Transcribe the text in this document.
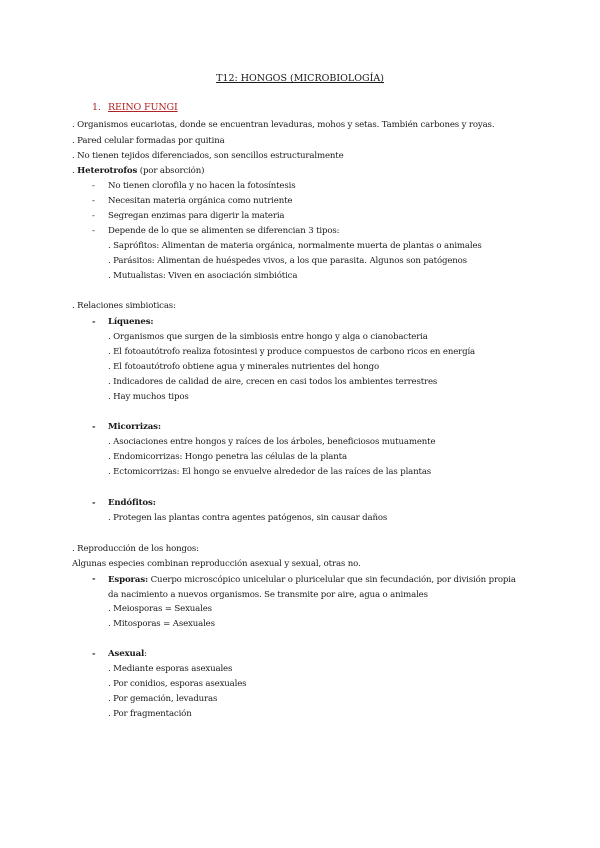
T12: HONGOS (MICROBIOLOGÍA)
1. REINO FUNGI
. Organismos eucariotas, donde se encuentran levaduras, mohos y setas. También carbones y royas.
. Pared celular formadas por quitina
. No tienen tejidos diferenciados, son sencillos estructuralmente
. Heterotrofos (por absorción)
- No tienen clorofila y no hacen la fotosíntesis
- Necesitan materia orgánica como nutriente
- Segregan enzimas para digerir la materia
- Depende de lo que se alimenten se diferencian 3 tipos:
. Saprófitos: Alimentan de materia orgánica, normalmente muerta de plantas o animales
. Parásitos: Alimentan de huéspedes vivos, a los que parasita. Algunos son patógenos
. Mutualistas: Viven en asociación simbiótica
. Relaciones simbioticas:
- Líquenes:
. Organismos que surgen de la simbiosis entre hongo y alga o cianobacteria
. El fotoautótrofo realiza fotosintesi y produce compuestos de carbono ricos en energía
. El fotoautótrofo obtiene agua y minerales nutrientes del hongo
. Indicadores de calidad de aire, crecen en casi todos los ambientes terrestres
. Hay muchos tipos
- Micorrizas:
. Asociaciones entre hongos y raíces de los árboles, beneficiosos mutuamente
. Endomicorrizas: Hongo penetra las células de la planta
. Ectomicorrizas: El hongo se envuelve alrededor de las raíces de las plantas
- Endófitos:
. Protegen las plantas contra agentes patógenos, sin causar daños
. Reproducción de los hongos:
Algunas especies combinan reproducción asexual y sexual, otras no.
- Esporas: Cuerpo microscópico unicelular o pluricelular que sin fecundación, por división propia da nacimiento a nuevos organismos. Se transmite por aire, agua o animales
. Meiosporas = Sexuales
. Mitosporas = Asexuales
- Asexual:
. Mediante esporas asexuales
. Por conidios, esporas asexuales
. Por gemación, levaduras
. Por fragmentación
